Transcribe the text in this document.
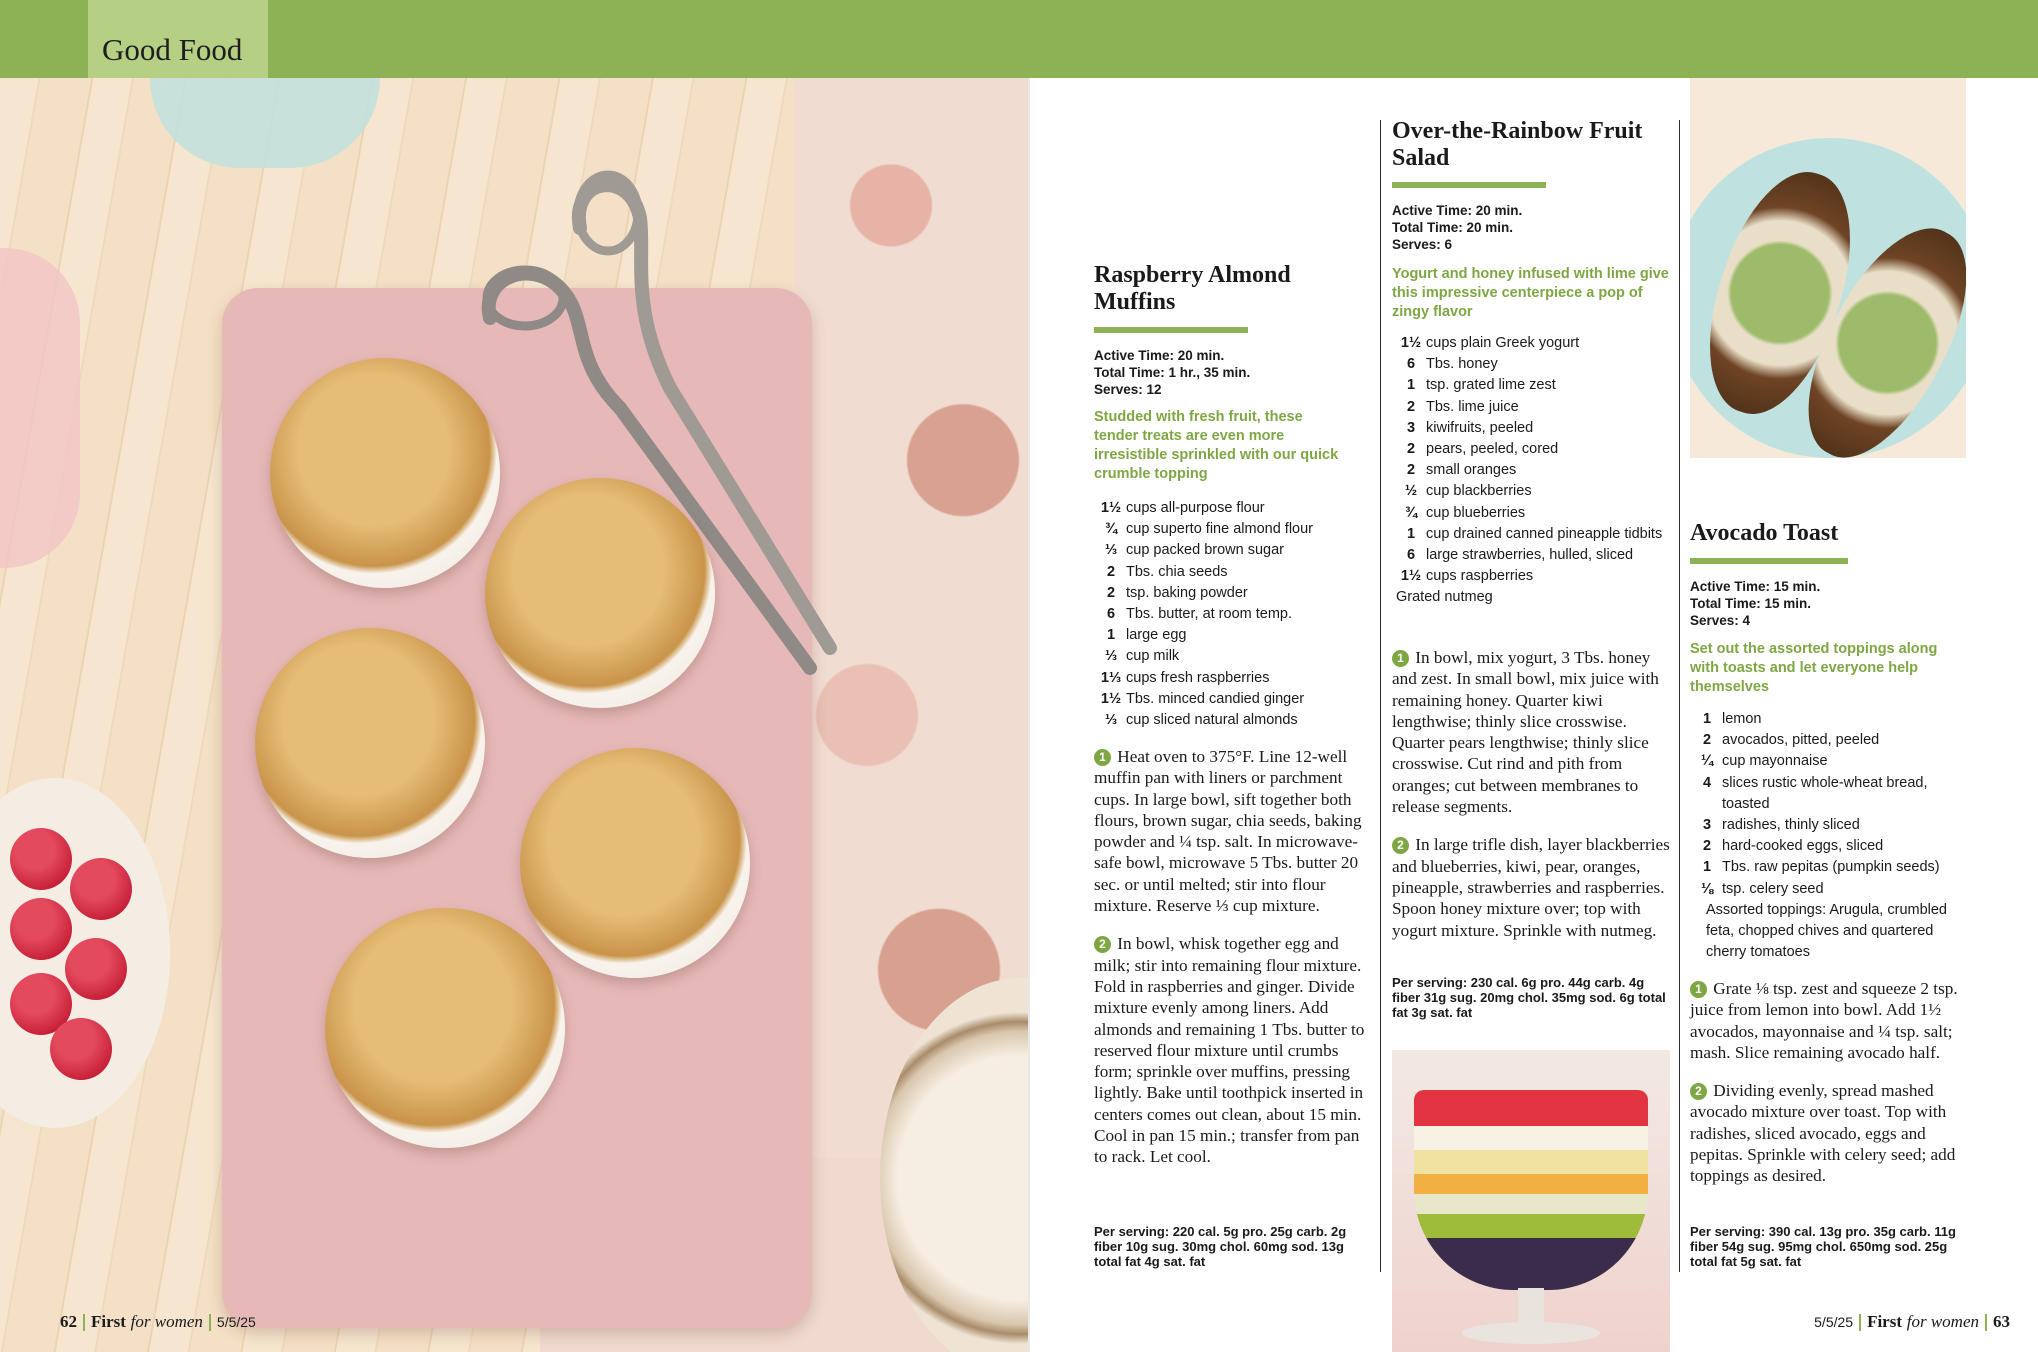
Good Food
62 First for women 5/5/25
Raspberry Almond Muffins
Active Time: 20 min.
Total Time: 1 hr., 35 min.
Serves: 12
Studded with fresh fruit, these tender treats are even more irresistible sprinkled with our quick crumble topping
1½ cups all-purpose flour
¾ cup superto fine almond flour
⅓ cup packed brown sugar
2 Tbs. chia seeds
2 tsp. baking powder
6 Tbs. butter, at room temp.
1 large egg
⅓ cup milk
1⅓ cups fresh raspberries
1½ Tbs. minced candied ginger
⅓ cup sliced natural almonds

1 Heat oven to 375°F. Line 12-well muffin pan with liners or parchment cups. In large bowl, sift together both flours, brown sugar, chia seeds, baking powder and ¼ tsp. salt. In microwave-safe bowl, microwave 5 Tbs. butter 20 sec. or until melted; stir into flour mixture. Reserve ⅓ cup mixture.

2 In bowl, whisk together egg and milk; stir into remaining flour mixture. Fold in raspberries and ginger. Divide mixture evenly among liners. Add almonds and remaining 1 Tbs. butter to reserved flour mixture until crumbs form; sprinkle over muffins, pressing lightly. Bake until toothpick inserted in centers comes out clean, about 15 min. Cool in pan 15 min.; transfer from pan to rack. Let cool.

Per serving: 220 cal. 5g pro. 25g carb. 2g fiber 10g sug. 30mg chol. 60mg sod. 13g total fat 4g sat. fat
Over-the-Rainbow Fruit Salad
Active Time: 20 min.
Total Time: 20 min.
Serves: 6
Yogurt and honey infused with lime give this impressive centerpiece a pop of zingy flavor
1½ cups plain Greek yogurt
6 Tbs. honey
1 tsp. grated lime zest
2 Tbs. lime juice
3 kiwifruits, peeled
2 pears, peeled, cored
2 small oranges
½ cup blackberries
¾ cup blueberries
1 cup drained canned pineapple tidbits
6 large strawberries, hulled, sliced
1½ cups raspberries
Grated nutmeg

1 In bowl, mix yogurt, 3 Tbs. honey and zest. In small bowl, mix juice with remaining honey. Quarter kiwi lengthwise; thinly slice crosswise. Quarter pears lengthwise; thinly slice crosswise. Cut rind and pith from oranges; cut between membranes to release segments.

2 In large trifle dish, layer blackberries and blueberries, kiwi, pear, oranges, pineapple, strawberries and raspberries. Spoon honey mixture over; top with yogurt mixture. Sprinkle with nutmeg.

Per serving: 230 cal. 6g pro. 44g carb. 4g fiber 31g sug. 20mg chol. 35mg sod. 6g total fat 3g sat. fat
Avocado Toast
Active Time: 15 min.
Total Time: 15 min.
Serves: 4
Set out the assorted toppings along with toasts and let everyone help themselves
1 lemon
2 avocados, pitted, peeled
¼ cup mayonnaise
4 slices rustic whole-wheat bread, toasted
3 radishes, thinly sliced
2 hard-cooked eggs, sliced
1 Tbs. raw pepitas (pumpkin seeds)
⅛ tsp. celery seed
Assorted toppings: Arugula, crumbled feta, chopped chives and quartered cherry tomatoes

1 Grate ⅛ tsp. zest and squeeze 2 tsp. juice from lemon into bowl. Add 1½ avocados, mayonnaise and ¼ tsp. salt; mash. Slice remaining avocado half.

2 Dividing evenly, spread mashed avocado mixture over toast. Top with radishes, sliced avocado, eggs and pepitas. Sprinkle with celery seed; add toppings as desired.

Per serving: 390 cal. 13g pro. 35g carb. 11g fiber 54g sug. 95mg chol. 650mg sod. 25g total fat 5g sat. fat
5/5/25 First for women 63
